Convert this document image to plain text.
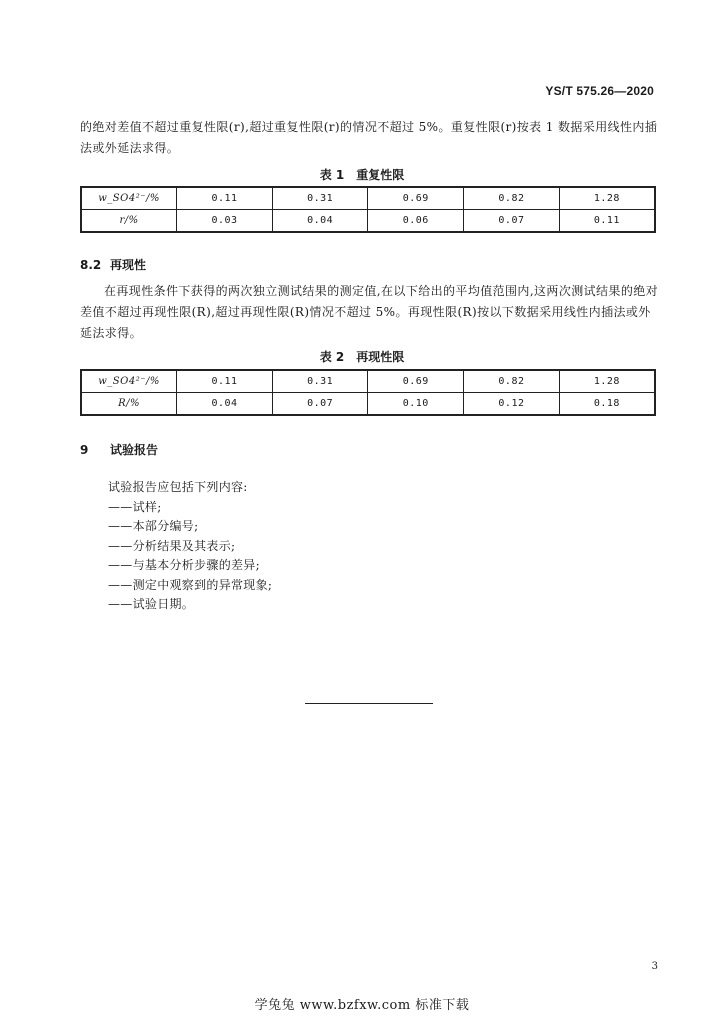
YS/T 575.26—2020
的绝对差值不超过重复性限(r),超过重复性限(r)的情况不超过 5%。重复性限(r)按表 1 数据采用线性内插法或外延法求得。
表 1　重复性限
w_SO4²⁻/%	0.11	0.31	0.69	0.82	1.28
r/%	0.03	0.04	0.06	0.07	0.11
8.2 再现性
在再现性条件下获得的两次独立测试结果的测定值,在以下给出的平均值范围内,这两次测试结果的绝对差值不超过再现性限(R),超过再现性限(R)情况不超过 5%。再现性限(R)按以下数据采用线性内插法或外延法求得。
表 2　再现性限
w_SO4²⁻/%	0.11	0.31	0.69	0.82	1.28
R/%	0.04	0.07	0.10	0.12	0.18
9 试验报告
试验报告应包括下列内容:
——试样;
——本部分编号;
——分析结果及其表示;
——与基本分析步骤的差异;
——测定中观察到的异常现象;
——试验日期。
3
学兔兔 www.bzfxw.com 标准下载
